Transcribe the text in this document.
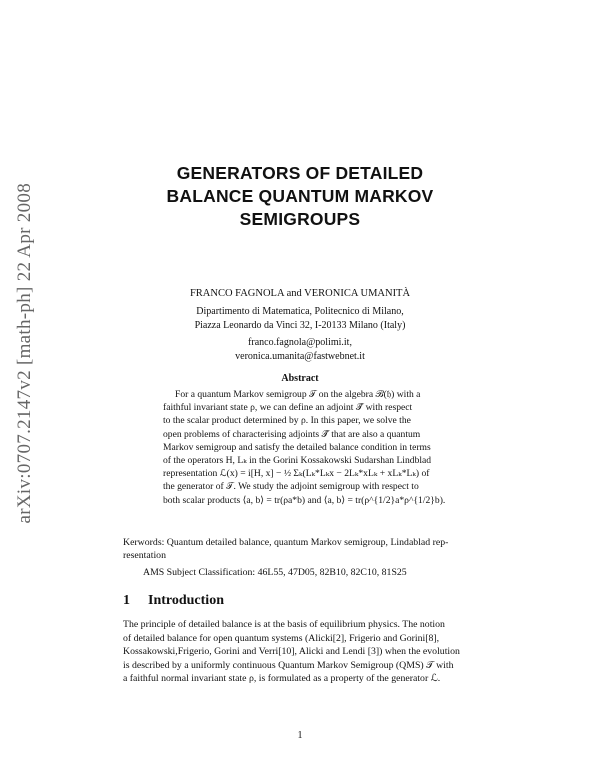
arXiv:0707.2147v2 [math-ph] 22 Apr 2008
GENERATORS OF DETAILED
BALANCE QUANTUM MARKOV
SEMIGROUPS
FRANCO FAGNOLA and VERONICA UMANITÀ
Dipartimento di Matematica, Politecnico di Milano,
Piazza Leonardo da Vinci 32, I-20133 Milano (Italy)
franco.fagnola@polimi.it,
veronica.umanita@fastwebnet.it
Abstract
For a quantum Markov semigroup 𝒯 on the algebra ℬ(𝔥) with a
faithful invariant state ρ, we can define an adjoint 𝒯̃ with respect
to the scalar product determined by ρ. In this paper, we solve the
open problems of characterising adjoints 𝒯̃ that are also a quantum
Markov semigroup and satisfy the detailed balance condition in terms
of the operators H, Lₖ in the Gorini Kossakowski Sudarshan Lindblad
representation ℒ(x) = i[H, x] − ½ Σₖ(Lₖ*Lₖx − 2Lₖ*xLₖ + xLₖ*Lₖ) of
the generator of 𝒯. We study the adjoint semigroup with respect to
both scalar products ⟨a, b⟩ = tr(ρa*b) and ⟨a, b⟩ = tr(ρ^{1/2}a*ρ^{1/2}b).
Kerwords: Quantum detailed balance, quantum Markov semigroup, Lindablad rep-
resentation
AMS Subject Classification: 46L55, 47D05, 82B10, 82C10, 81S25
1 Introduction
The principle of detailed balance is at the basis of equilibrium physics. The notion
of detailed balance for open quantum systems (Alicki[2], Frigerio and Gorini[8],
Kossakowski,Frigerio, Gorini and Verri[10], Alicki and Lendi [3]) when the evolution
is described by a uniformly continuous Quantum Markov Semigroup (QMS) 𝒯 with
a faithful normal invariant state ρ, is formulated as a property of the generator ℒ.
1
